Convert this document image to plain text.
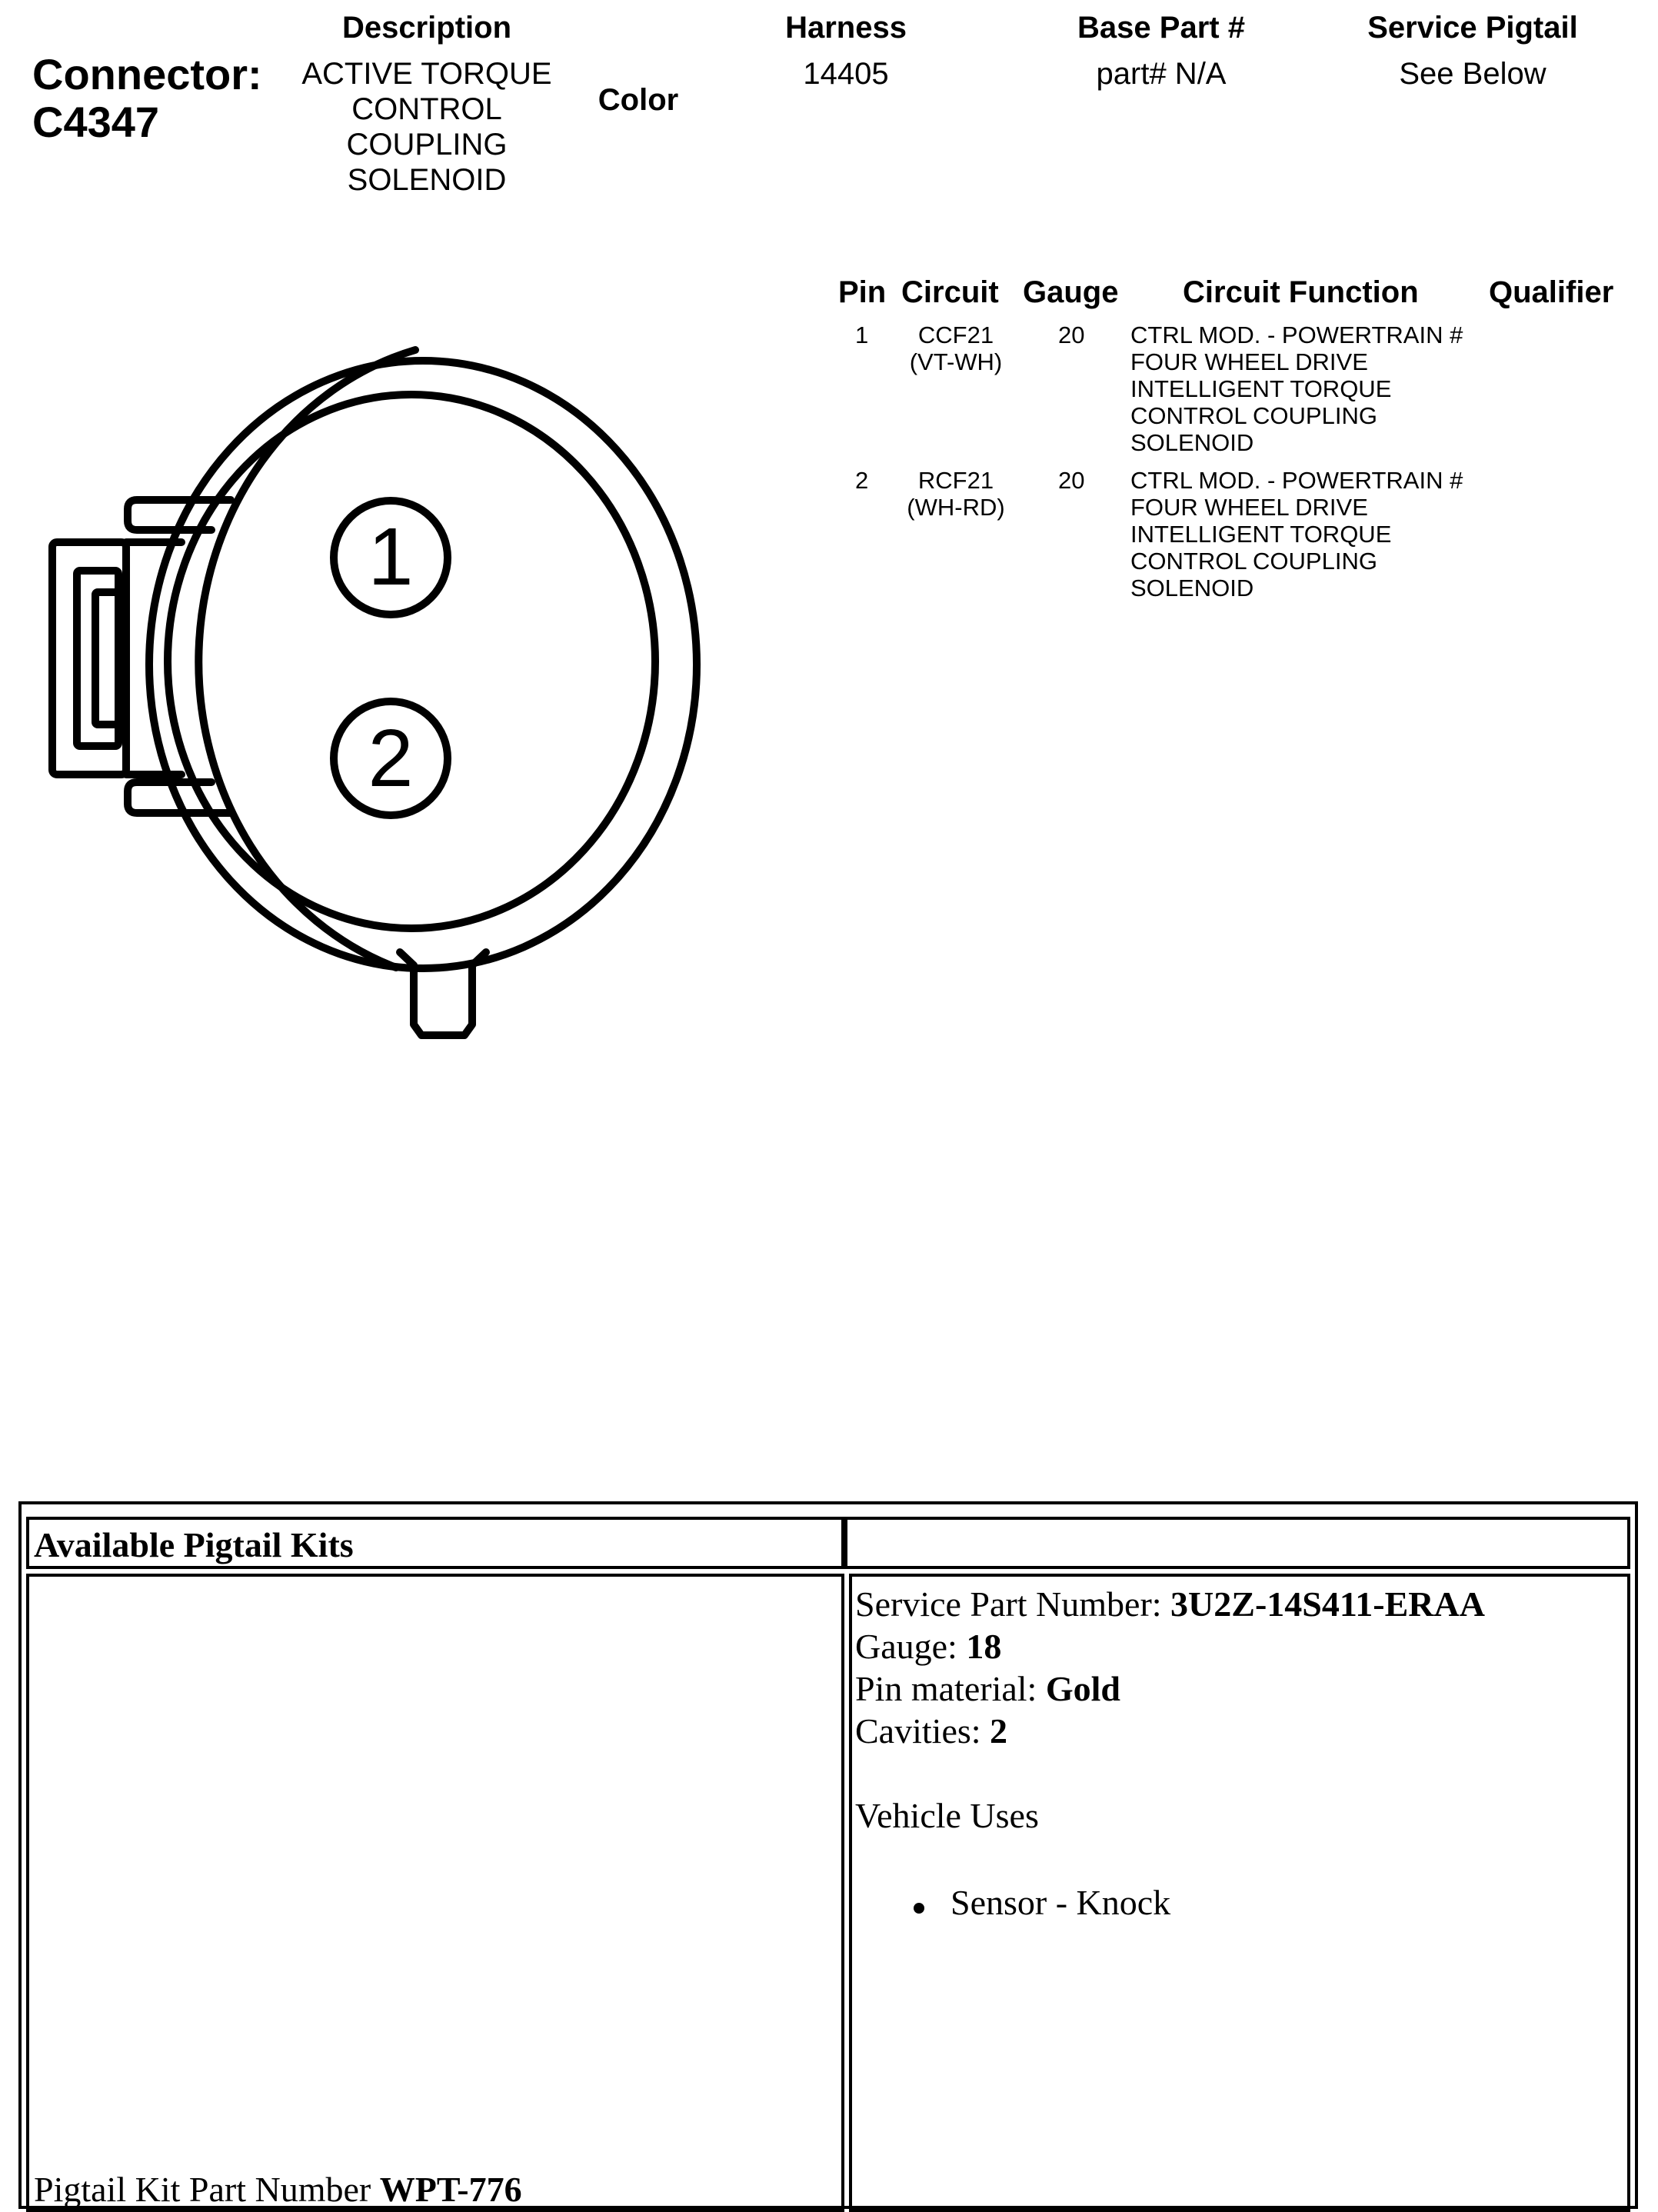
Connector:
C4347
Description
ACTIVE TORQUE
CONTROL
COUPLING
SOLENOID
Color
Harness
14405
Base Part #
part# N/A
Service Pigtail
See Below
1
2
Pin Circuit Gauge Circuit Function Qualifier
1	CCF21
(VT-WH)
20 CTRL MOD. - POWERTRAIN #
FOUR WHEEL DRIVE
INTELLIGENT TORQUE
CONTROL COUPLING
SOLENOID
2	RCF21
(WH-RD)
20 CTRL MOD. - POWERTRAIN #
FOUR WHEEL DRIVE
INTELLIGENT TORQUE
CONTROL COUPLING
SOLENOID
Available Pigtail Kits
Pigtail Kit Part Number WPT-776
Service Part Number: 3U2Z-14S411-ERAA
Gauge: 18
Pin material: Gold
Cavities: 2
Vehicle Uses
Sensor - Knock
